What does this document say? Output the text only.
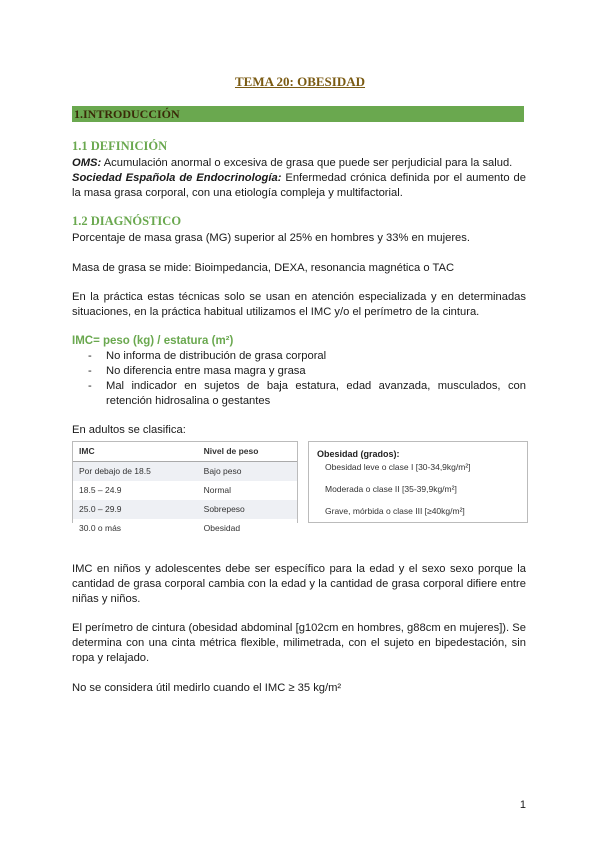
TEMA 20: OBESIDAD
1.INTRODUCCIÓN
1.1 DEFINICIÓN
OMS: Acumulación anormal o excesiva de grasa que puede ser perjudicial para la salud.
Sociedad Española de Endocrinología: Enfermedad crónica definida por el aumento de la masa grasa corporal, con una etiología compleja y multifactorial.
1.2 DIAGNÓSTICO
Porcentaje de masa grasa (MG) superior al 25% en hombres y 33% en mujeres.
Masa de grasa se mide: Bioimpedancia, DEXA, resonancia magnética o TAC
En la práctica estas técnicas solo se usan en atención especializada y en determinadas situaciones, en la práctica habitual utilizamos el IMC y/o el perímetro de la cintura.
IMC= peso (kg) / estatura (m²)
- No informa de distribución de grasa corporal
- No diferencia entre masa magra y grasa
- Mal indicador en sujetos de baja estatura, edad avanzada, musculados, con retención hidrosalina o gestantes
En adultos se clasifica:
IMC	Nivel de peso
Por debajo de 18.5	Bajo peso
18.5 – 24.9	Normal
25.0 – 29.9	Sobrepeso
30.0 o más	Obesidad
Obesidad (grados):
Obesidad leve o clase I [30-34,9kg/m²]
Moderada o clase II [35-39,9kg/m²]
Grave, mórbida o clase III [≥40kg/m²]
IMC en niños y adolescentes debe ser específico para la edad y el sexo sexo porque la cantidad de grasa corporal cambia con la edad y la cantidad de grasa corporal difiere entre niñas y niños.
El perímetro de cintura (obesidad abdominal [g102cm en hombres, g88cm en mujeres]). Se determina con una cinta métrica flexible, milimetrada, con el sujeto en bipedestación, sin ropa y relajado.
No se considera útil medirlo cuando el IMC ≥ 35 kg/m²
1
